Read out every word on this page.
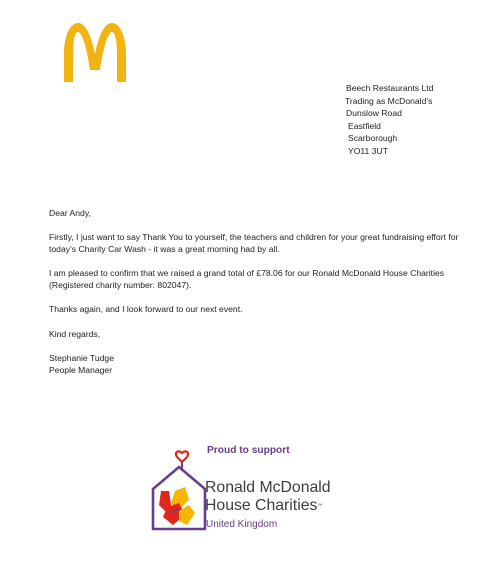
Beech Restaurants Ltd
Trading as McDonald’s
Dunslow Road
Eastfield
Scarborough
YO11 3UT

Dear Andy,

Firstly, I just want to say Thank You to yourself, the teachers and children for your great fundraising effort for today’s Charity Car Wash - it was a great morning had by all.

I am pleased to confirm that we raised a grand total of £78.06 for our Ronald McDonald House Charities (Registered charity number: 802047).

Thanks again, and I look forward to our next event.

Kind regards,

Stephanie Tudge

People Manager

Proud to support
Ronald McDonald
House Charities™
United Kingdom
